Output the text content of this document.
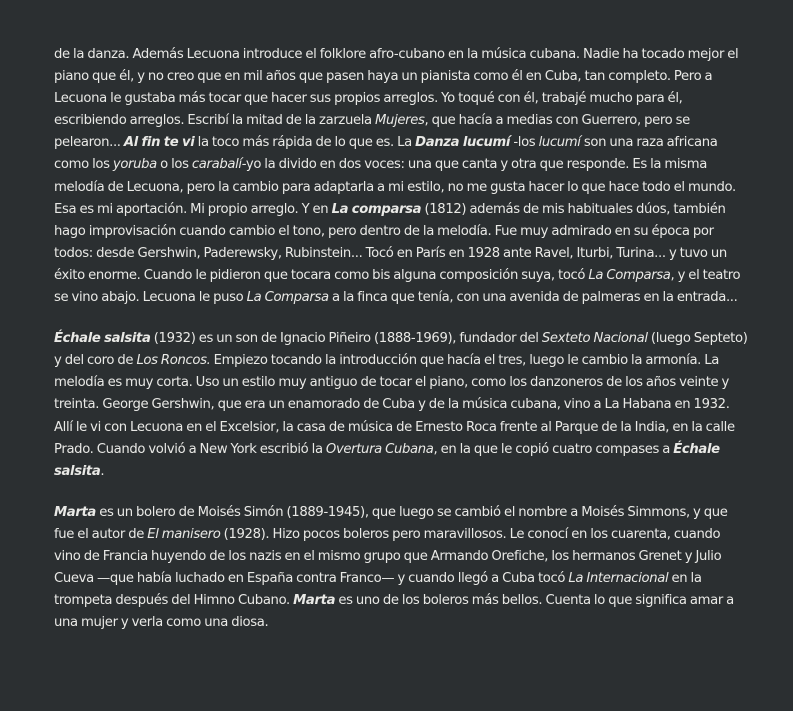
de la danza. Además Lecuona introduce el folklore afro-cubano en la música cubana. Nadie ha tocado mejor el piano que él, y no creo que en mil años que pasen haya un pianista como él en Cuba, tan completo. Pero a Lecuona le gustaba más tocar que hacer sus propios arreglos. Yo toqué con él, trabajé mucho para él, escribiendo arreglos. Escribí la mitad de la zarzuela Mujeres, que hacía a medias con Guerrero, pero se pelearon... Al fin te vi la toco más rápida de lo que es. La Danza lucumí -los lucumí son una raza africana como los yoruba o los carabalí-yo la divido en dos voces: una que canta y otra que responde. Es la misma melodía de Lecuona, pero la cambio para adaptarla a mi estilo, no me gusta hacer lo que hace todo el mundo. Esa es mi aportación. Mi propio arreglo. Y en La comparsa (1812) además de mis habituales dúos, también hago improvisación cuando cambio el tono, pero dentro de la melodía. Fue muy admirado en su época por todos: desde Gershwin, Paderewsky, Rubinstein... Tocó en París en 1928 ante Ravel, Iturbi, Turina... y tuvo un éxito enorme. Cuando le pidieron que tocara como bis alguna composición suya, tocó La Comparsa, y el teatro se vino abajo. Lecuona le puso La Comparsa a la finca que tenía, con una avenida de palmeras en la entrada...

Échale salsita (1932) es un son de Ignacio Piñeiro (1888-1969), fundador del Sexteto Nacional (luego Septeto) y del coro de Los Roncos. Empiezo tocando la introducción que hacía el tres, luego le cambio la armonía. La melodía es muy corta. Uso un estilo muy antiguo de tocar el piano, como los danzoneros de los años veinte y treinta. George Gershwin, que era un enamorado de Cuba y de la música cubana, vino a La Habana en 1932. Allí le vi con Lecuona en el Excelsior, la casa de música de Ernesto Roca frente al Parque de la India, en la calle Prado. Cuando volvió a New York escribió la Overtura Cubana, en la que le copió cuatro compases a Échale salsita.

Marta es un bolero de Moisés Simón (1889-1945), que luego se cambió el nombre a Moisés Simmons, y que fue el autor de El manisero (1928). Hizo pocos boleros pero maravillosos. Le conocí en los cuarenta, cuando vino de Francia huyendo de los nazis en el mismo grupo que Armando Orefiche, los hermanos Grenet y Julio Cueva —que había luchado en España contra Franco— y cuando llegó a Cuba tocó La Internacional en la trompeta después del Himno Cubano. Marta es uno de los boleros más bellos. Cuenta lo que significa amar a una mujer y verla como una diosa.
